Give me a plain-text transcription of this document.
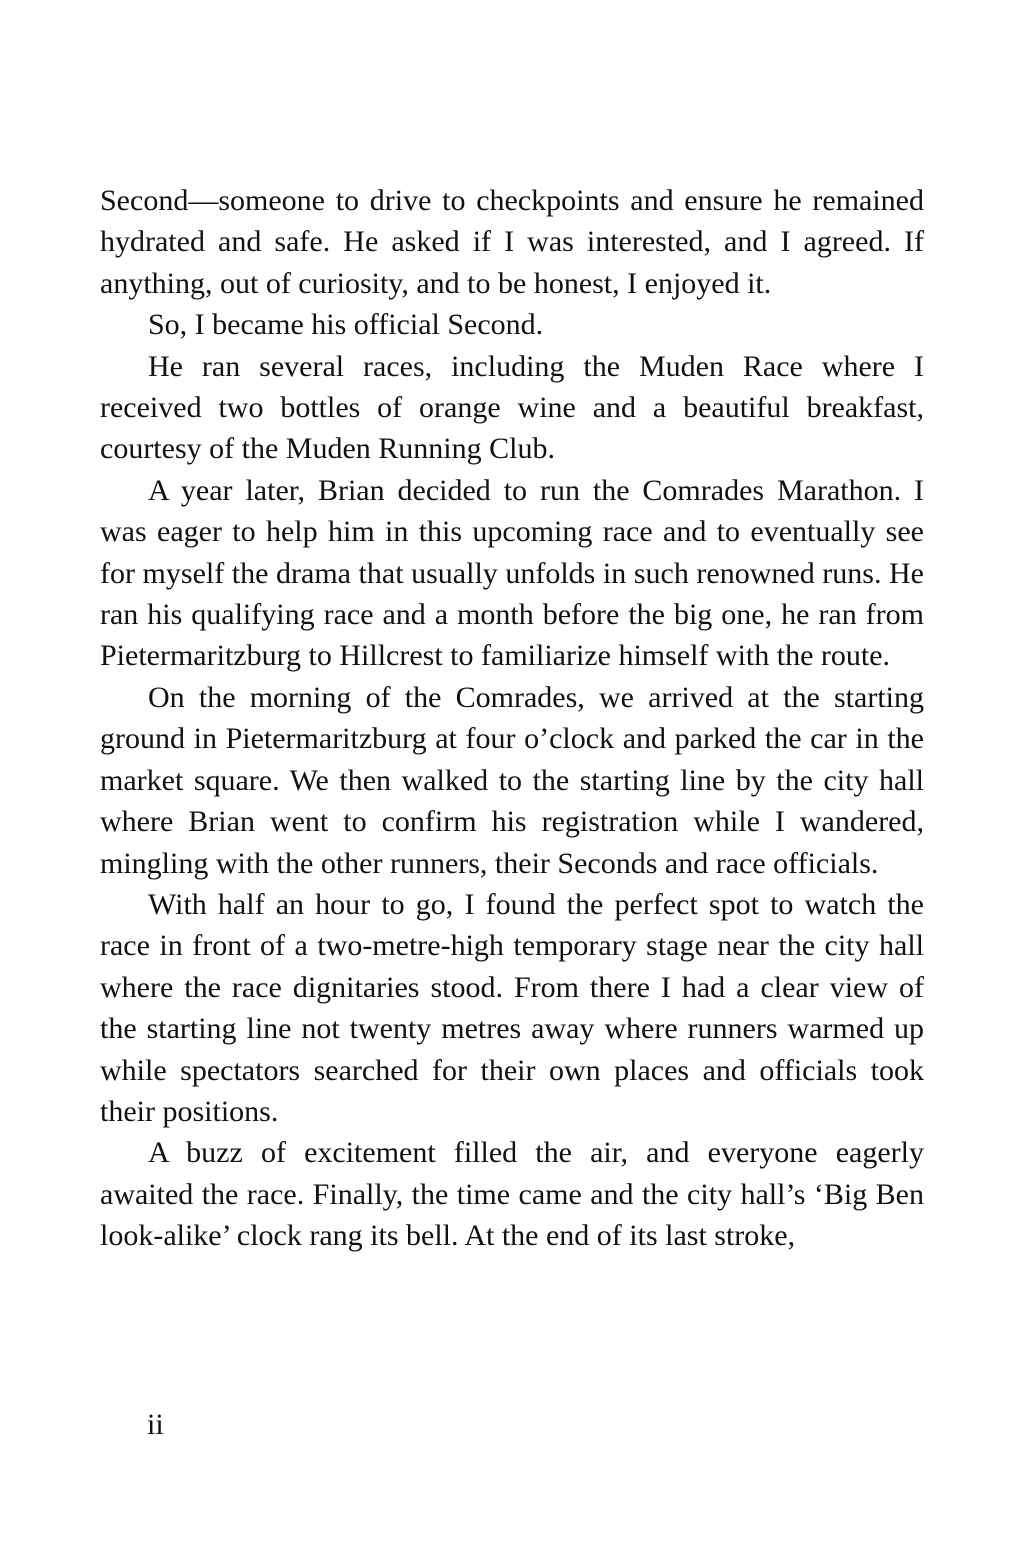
Second—someone to drive to checkpoints and ensure he remained hydrated and safe. He asked if I was interested, and I agreed. If anything, out of curiosity, and to be honest, I enjoyed it.

So, I became his official Second.

He ran several races, including the Muden Race where I received two bottles of orange wine and a beautiful breakfast, courtesy of the Muden Running Club.

A year later, Brian decided to run the Comrades Marathon. I was eager to help him in this upcoming race and to eventually see for myself the drama that usually unfolds in such renowned runs. He ran his qualifying race and a month before the big one, he ran from Pietermaritzburg to Hillcrest to familiarize himself with the route.

On the morning of the Comrades, we arrived at the starting ground in Pietermaritzburg at four o’clock and parked the car in the market square. We then walked to the starting line by the city hall where Brian went to confirm his registration while I wandered, mingling with the other runners, their Seconds and race officials.

With half an hour to go, I found the perfect spot to watch the race in front of a two-metre-high temporary stage near the city hall where the race dignitaries stood. From there I had a clear view of the starting line not twenty metres away where runners warmed up while spectators searched for their own places and officials took their positions.

A buzz of excitement filled the air, and everyone eagerly awaited the race. Finally, the time came and the city hall’s ‘Big Ben look-alike’ clock rang its bell. At the end of its last stroke,

ii
